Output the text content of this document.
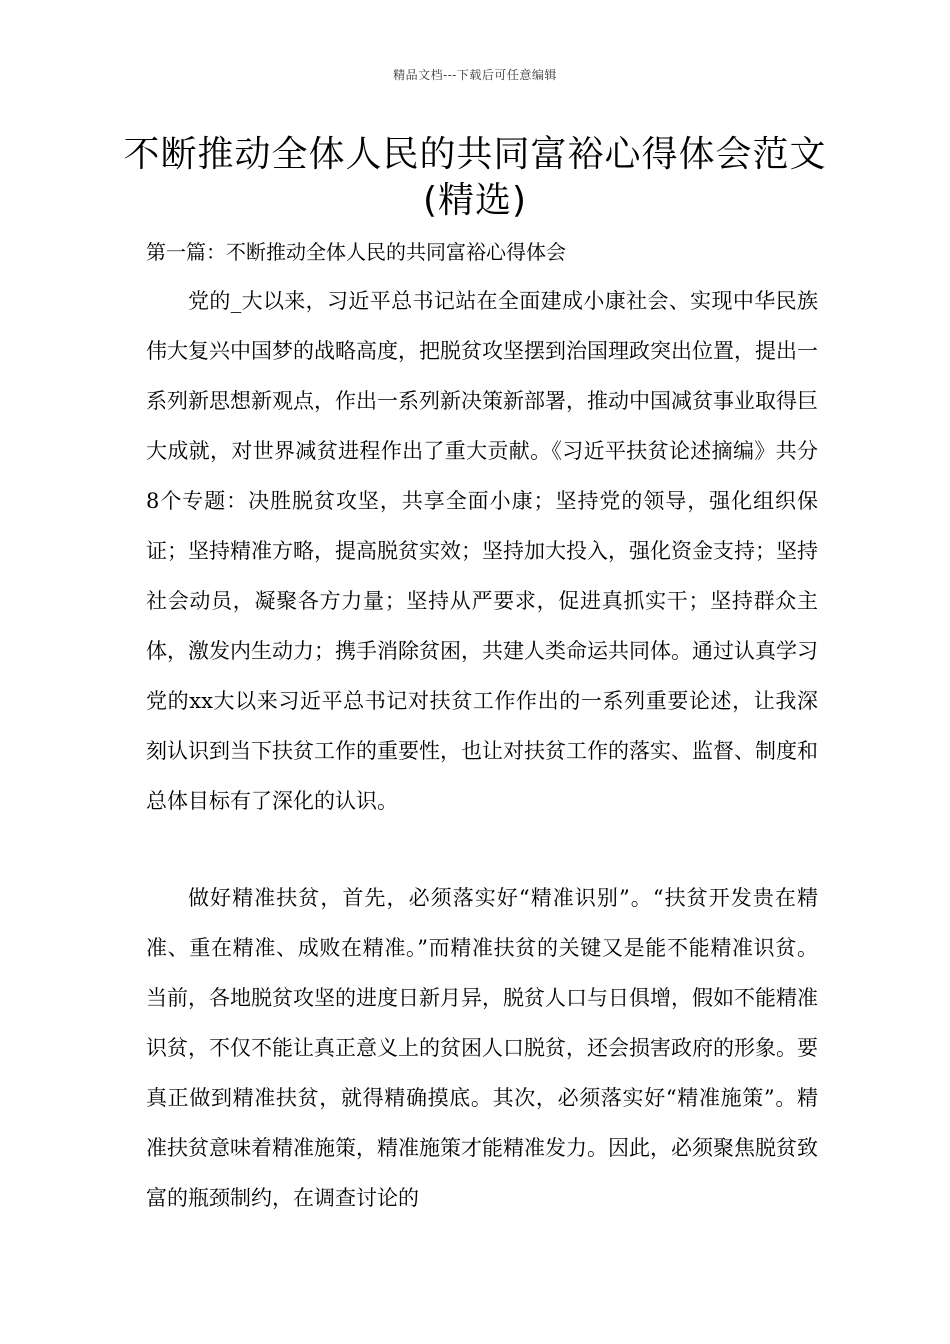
精品文档---下载后可任意编辑
不断推动全体人民的共同富裕心得体会范文(精选)
第一篇：不断推动全体人民的共同富裕心得体会

党的_大以来，习近平总书记站在全面建成小康社会、实现中华民族伟大复兴中国梦的战略高度，把脱贫攻坚摆到治国理政突出位置，提出一系列新思想新观点，作出一系列新决策新部署，推动中国减贫事业取得巨大成就，对世界减贫进程作出了重大贡献。《习近平扶贫论述摘编》共分8个专题：决胜脱贫攻坚，共享全面小康；坚持党的领导，强化组织保证；坚持精准方略，提高脱贫实效；坚持加大投入，强化资金支持；坚持社会动员，凝聚各方力量；坚持从严要求，促进真抓实干；坚持群众主体，激发内生动力；携手消除贫困，共建人类命运共同体。通过认真学习党的xx大以来习近平总书记对扶贫工作作出的一系列重要论述，让我深刻认识到当下扶贫工作的重要性，也让对扶贫工作的落实、监督、制度和总体目标有了深化的认识。

做好精准扶贫，首先，必须落实好“精准识别”。“扶贫开发贵在精准、重在精准、成败在精准。”而精准扶贫的关键又是能不能精准识贫。当前，各地脱贫攻坚的进度日新月异，脱贫人口与日俱增，假如不能精准识贫，不仅不能让真正意义上的贫困人口脱贫，还会损害政府的形象。要真正做到精准扶贫，就得精确摸底。其次，必须落实好“精准施策”。精准扶贫意味着精准施策，精准施策才能精准发力。因此，必须聚焦脱贫致富的瓶颈制约，在调查讨论的
